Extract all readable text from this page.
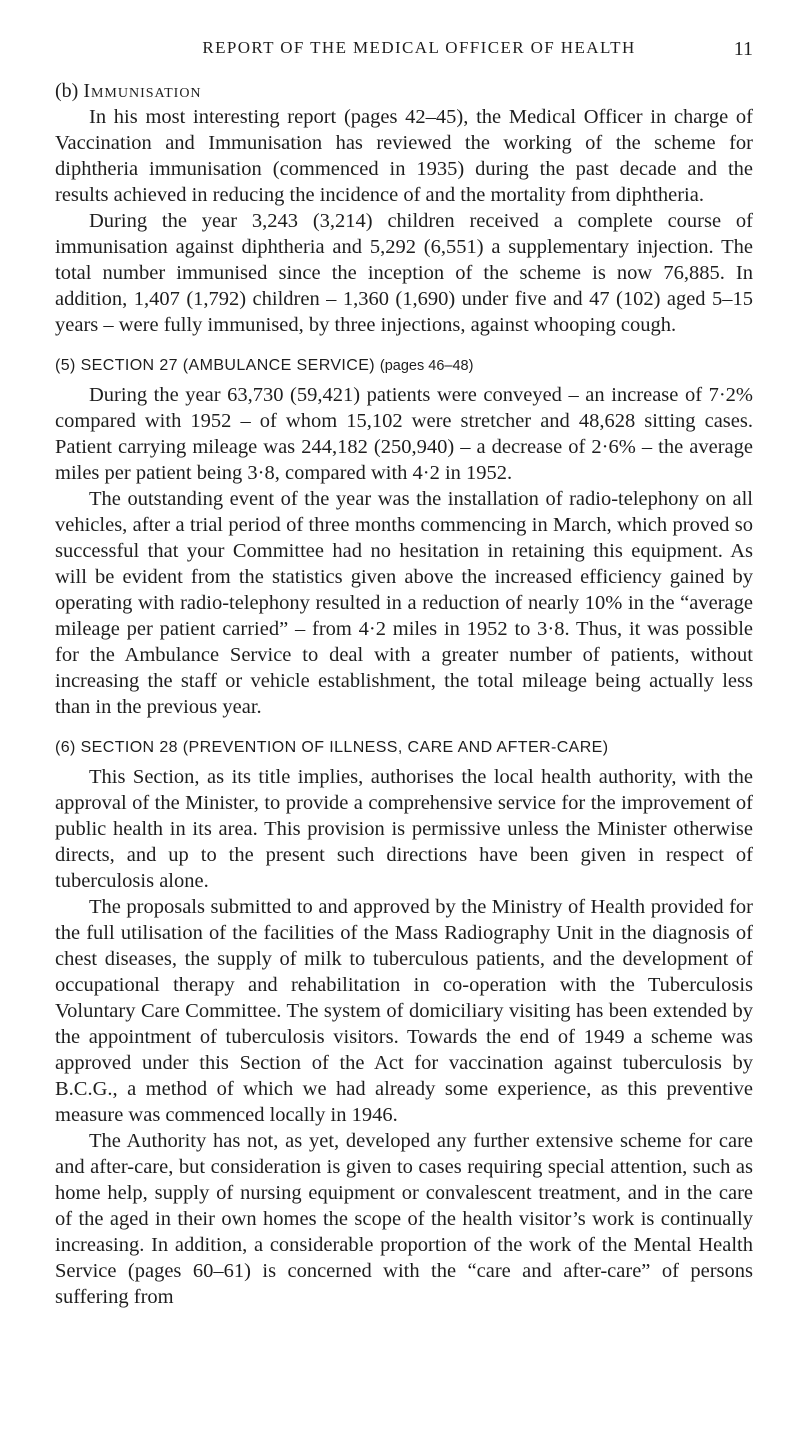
REPORT OF THE MEDICAL OFFICER OF HEALTH	11
(b) Immunisation

In his most interesting report (pages 42–45), the Medical Officer in charge of Vaccination and Immunisation has reviewed the working of the scheme for diphtheria immunisation (commenced in 1935) during the past decade and the results achieved in reducing the incidence of and the mortality from diphtheria.

During the year 3,243 (3,214) children received a complete course of immunisation against diphtheria and 5,292 (6,551) a supplementary injection. The total number immunised since the inception of the scheme is now 76,885. In addition, 1,407 (1,792) children – 1,360 (1,690) under five and 47 (102) aged 5–15 years – were fully immunised, by three injections, against whooping cough.

(5) SECTION 27 (AMBULANCE SERVICE) (pages 46–48)

During the year 63,730 (59,421) patients were conveyed – an increase of 7·2% compared with 1952 – of whom 15,102 were stretcher and 48,628 sitting cases. Patient carrying mileage was 244,182 (250,940) – a decrease of 2·6% – the average miles per patient being 3·8, compared with 4·2 in 1952.

The outstanding event of the year was the installation of radio-telephony on all vehicles, after a trial period of three months commencing in March, which proved so successful that your Committee had no hesitation in retaining this equipment. As will be evident from the statistics given above the increased efficiency gained by operating with radio-telephony resulted in a reduction of nearly 10% in the “average mileage per patient carried” – from 4·2 miles in 1952 to 3·8. Thus, it was possible for the Ambulance Service to deal with a greater number of patients, without increasing the staff or vehicle establishment, the total mileage being actually less than in the previous year.

(6) SECTION 28 (PREVENTION OF ILLNESS, CARE AND AFTER-CARE)

This Section, as its title implies, authorises the local health authority, with the approval of the Minister, to provide a comprehensive service for the improvement of public health in its area. This provision is permissive unless the Minister otherwise directs, and up to the present such directions have been given in respect of tuberculosis alone.

The proposals submitted to and approved by the Ministry of Health provided for the full utilisation of the facilities of the Mass Radiography Unit in the diagnosis of chest diseases, the supply of milk to tuberculous patients, and the development of occupational therapy and rehabilitation in co-operation with the Tuberculosis Voluntary Care Committee. The system of domiciliary visiting has been extended by the appointment of tuberculosis visitors. Towards the end of 1949 a scheme was approved under this Section of the Act for vaccination against tuberculosis by B.C.G., a method of which we had already some experience, as this preventive measure was commenced locally in 1946.

The Authority has not, as yet, developed any further extensive scheme for care and after-care, but consideration is given to cases requiring special attention, such as home help, supply of nursing equipment or convalescent treatment, and in the care of the aged in their own homes the scope of the health visitor’s work is continually increasing. In addition, a considerable proportion of the work of the Mental Health Service (pages 60–61) is concerned with the “care and after-care” of persons suffering from
